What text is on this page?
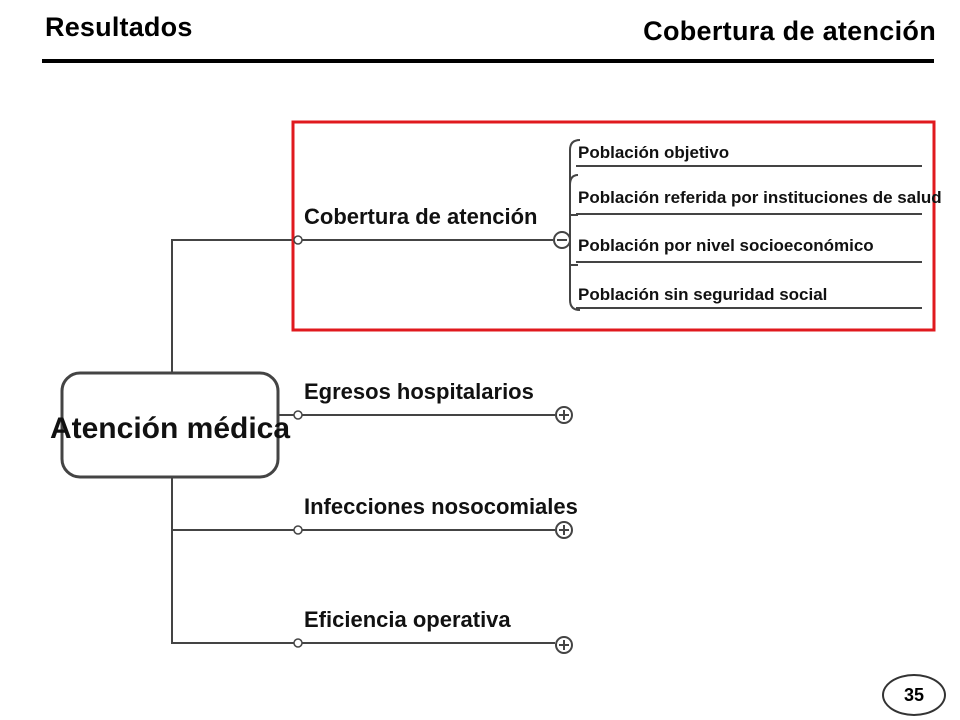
Resultados	Cobertura de atención
Atención médica
Cobertura de atención
Población objetivo
Población referida por instituciones de salud
Población por nivel socioeconómico
Población sin seguridad social
Egresos hospitalarios
Infecciones nosocomiales
Eficiencia operativa
35
